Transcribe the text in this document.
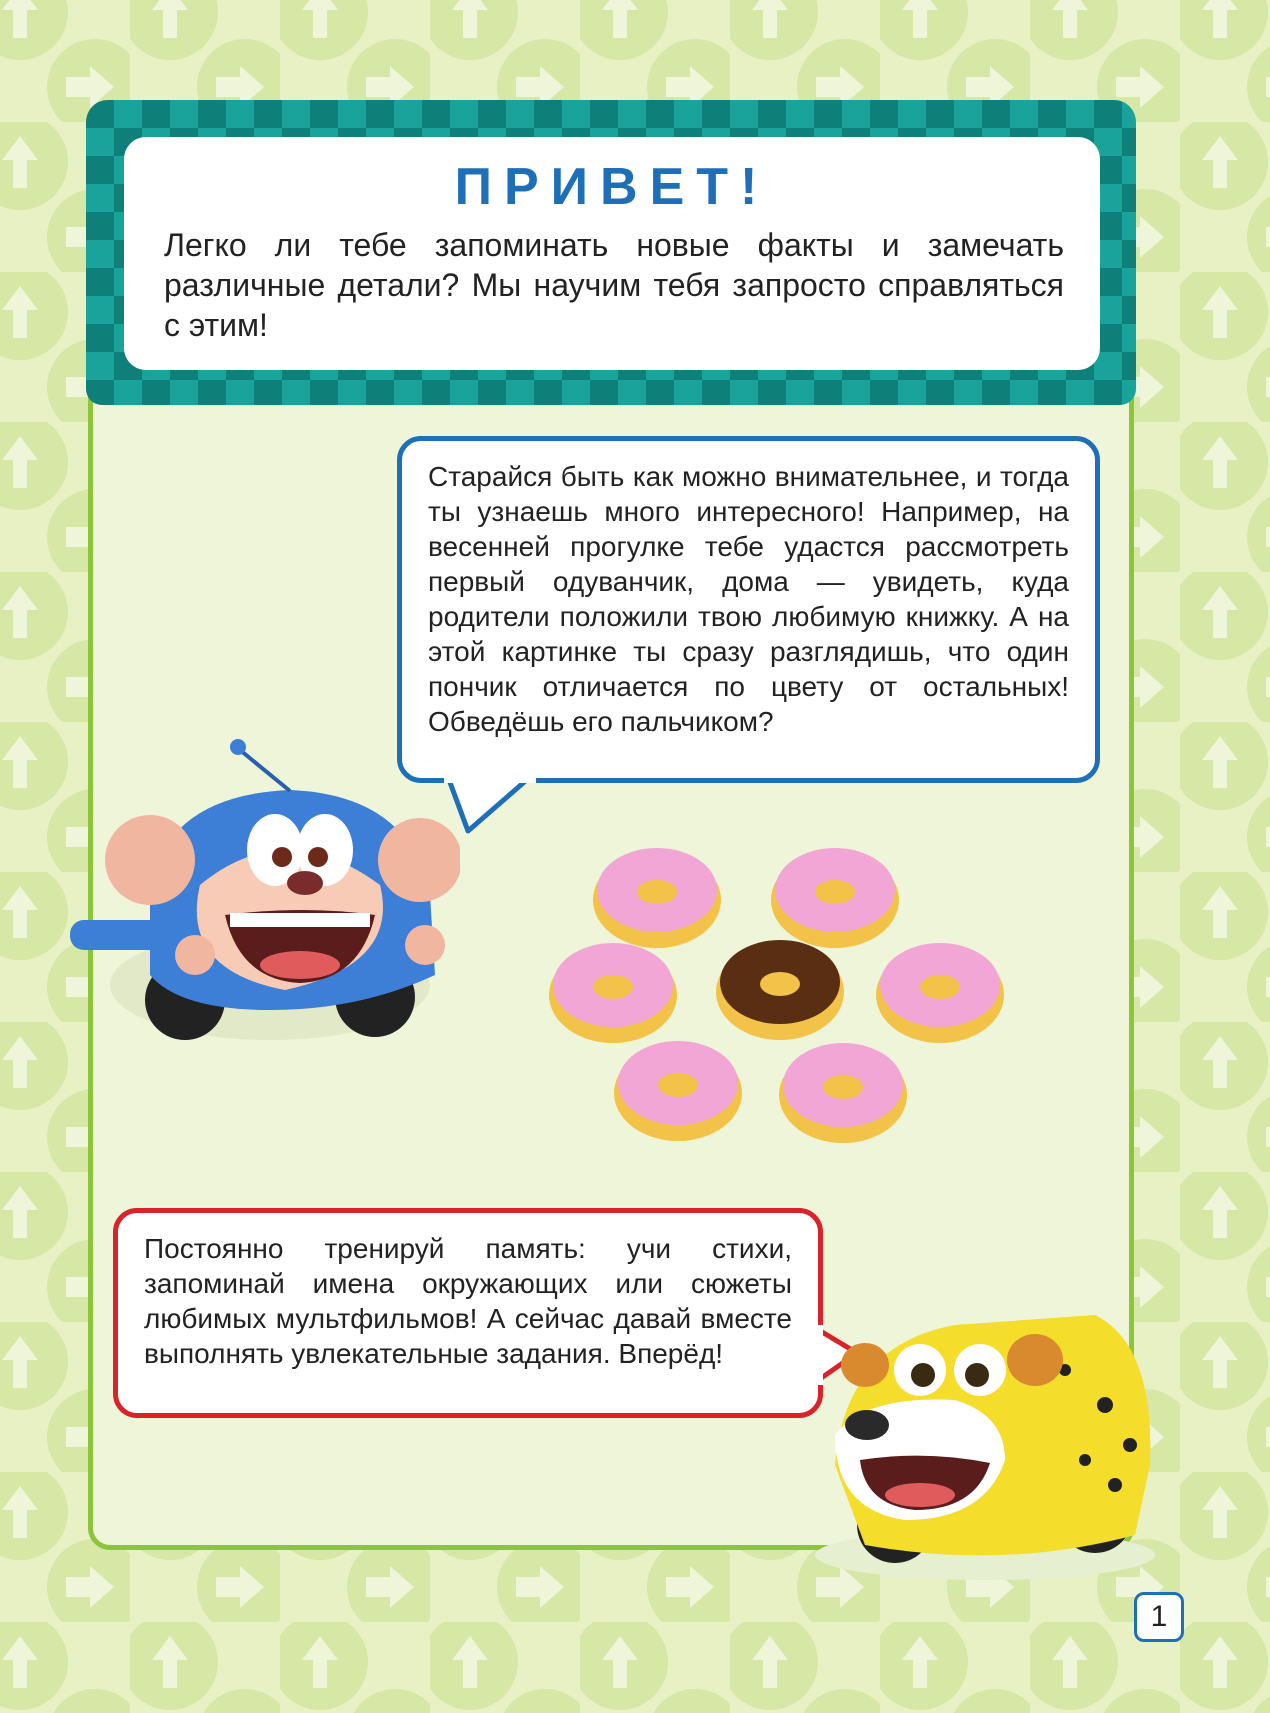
ПРИВЕТ!
Легко ли тебе запоминать новые факты и замечать различные детали? Мы научим тебя запросто справляться с этим!
Старайся быть как можно внимательнее, и тогда ты узнаешь много интересного! Например, на весенней прогулке тебе удастся рассмотреть первый одуванчик, дома — увидеть, куда родители положили твою любимую книжку. А на этой картинке ты сразу разглядишь, что один пончик отличается по цвету от остальных! Обведёшь его пальчиком?
Постоянно тренируй память: учи стихи, запоминай имена окружающих или сюжеты любимых мультфильмов! А сейчас давай вместе выполнять увлекательные задания. Вперёд!
1
